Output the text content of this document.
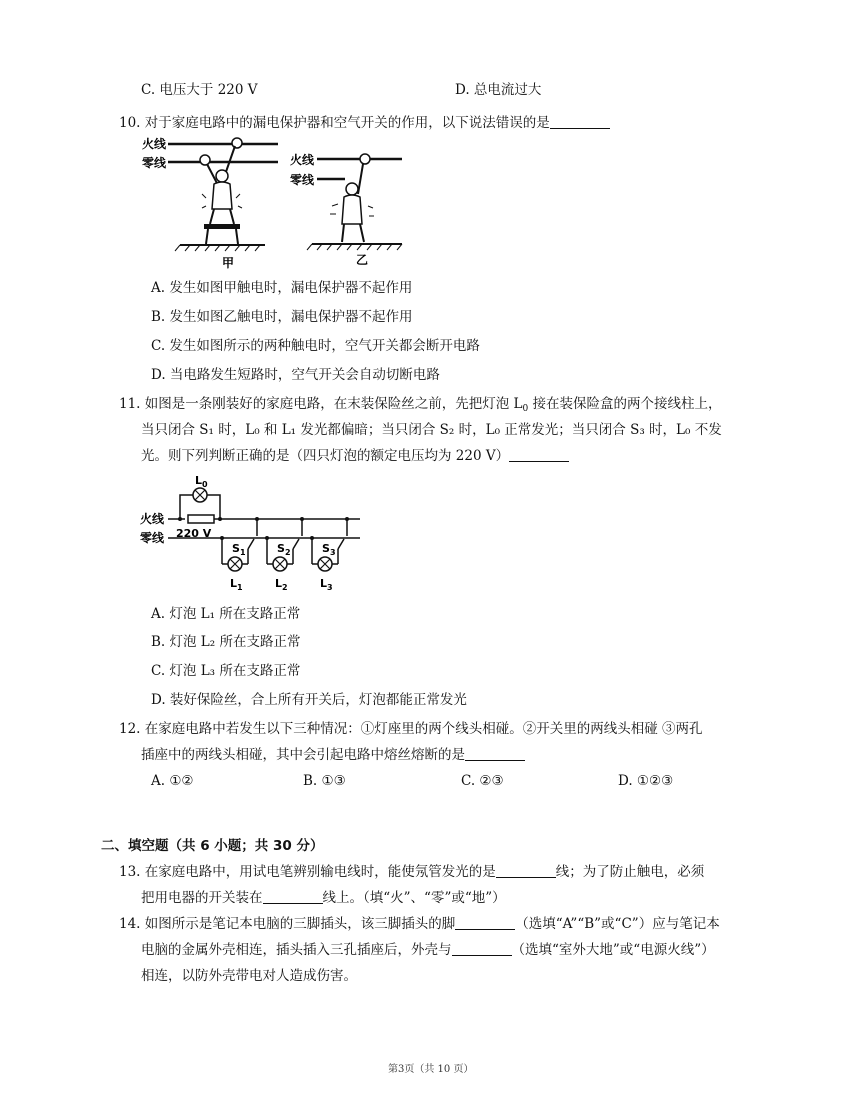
C. 电压大于 220 V	D. 总电流过大
10. 对于家庭电路中的漏电保护器和空气开关的作用，以下说法错误的是
火线
零线
甲
火线
零线
乙
A. 发生如图甲触电时，漏电保护器不起作用
B. 发生如图乙触电时，漏电保护器不起作用
C. 发生如图所示的两种触电时，空气开关都会断开电路
D. 当电路发生短路时，空气开关会自动切断电路
11. 如图是一条刚装好的家庭电路，在末装保险丝之前，先把灯泡 $L_0$ 接在装保险盒的两个接线柱上，
当只闭合 S₁ 时，L₀ 和 L₁ 发光都偏暗；当只闭合 S₂ 时，L₀ 正常发光；当只闭合 S₃ 时，L₀ 不发
光。则下列判断正确的是（四只灯泡的额定电压均为 220 V）
$L_0$
火线
220 V
零线
$S_1$
$L_1$
$S_2$
$L_2$
$S_3$
$L_3$
A. 灯泡 L₁ 所在支路正常
B. 灯泡 L₂ 所在支路正常
C. 灯泡 L₃ 所在支路正常
D. 装好保险丝，合上所有开关后，灯泡都能正常发光
12. 在家庭电路中若发生以下三种情况：①灯座里的两个线头相碰。②开关里的两线头相碰 ③两孔
插座中的两线头相碰，其中会引起电路中熔丝熔断的是
A. ①②	B. ①③	C. ②③	D. ①②③
二、填空题（共 6 小题；共 30 分）
13. 在家庭电路中，用试电笔辨别输电线时，能使氖管发光的是	线；为了防止触电，必须
把用电器的开关装在	线上。（填“火”、“零”或“地”）
14. 如图所示是笔记本电脑的三脚插头，该三脚插头的脚	（选填“A”“B”或“C”）应与笔记本
电脑的金属外壳相连，插头插入三孔插座后，外壳与	（选填“室外大地”或“电源火线”）
相连，以防外壳带电对人造成伤害。
第3页（共 10 页）
